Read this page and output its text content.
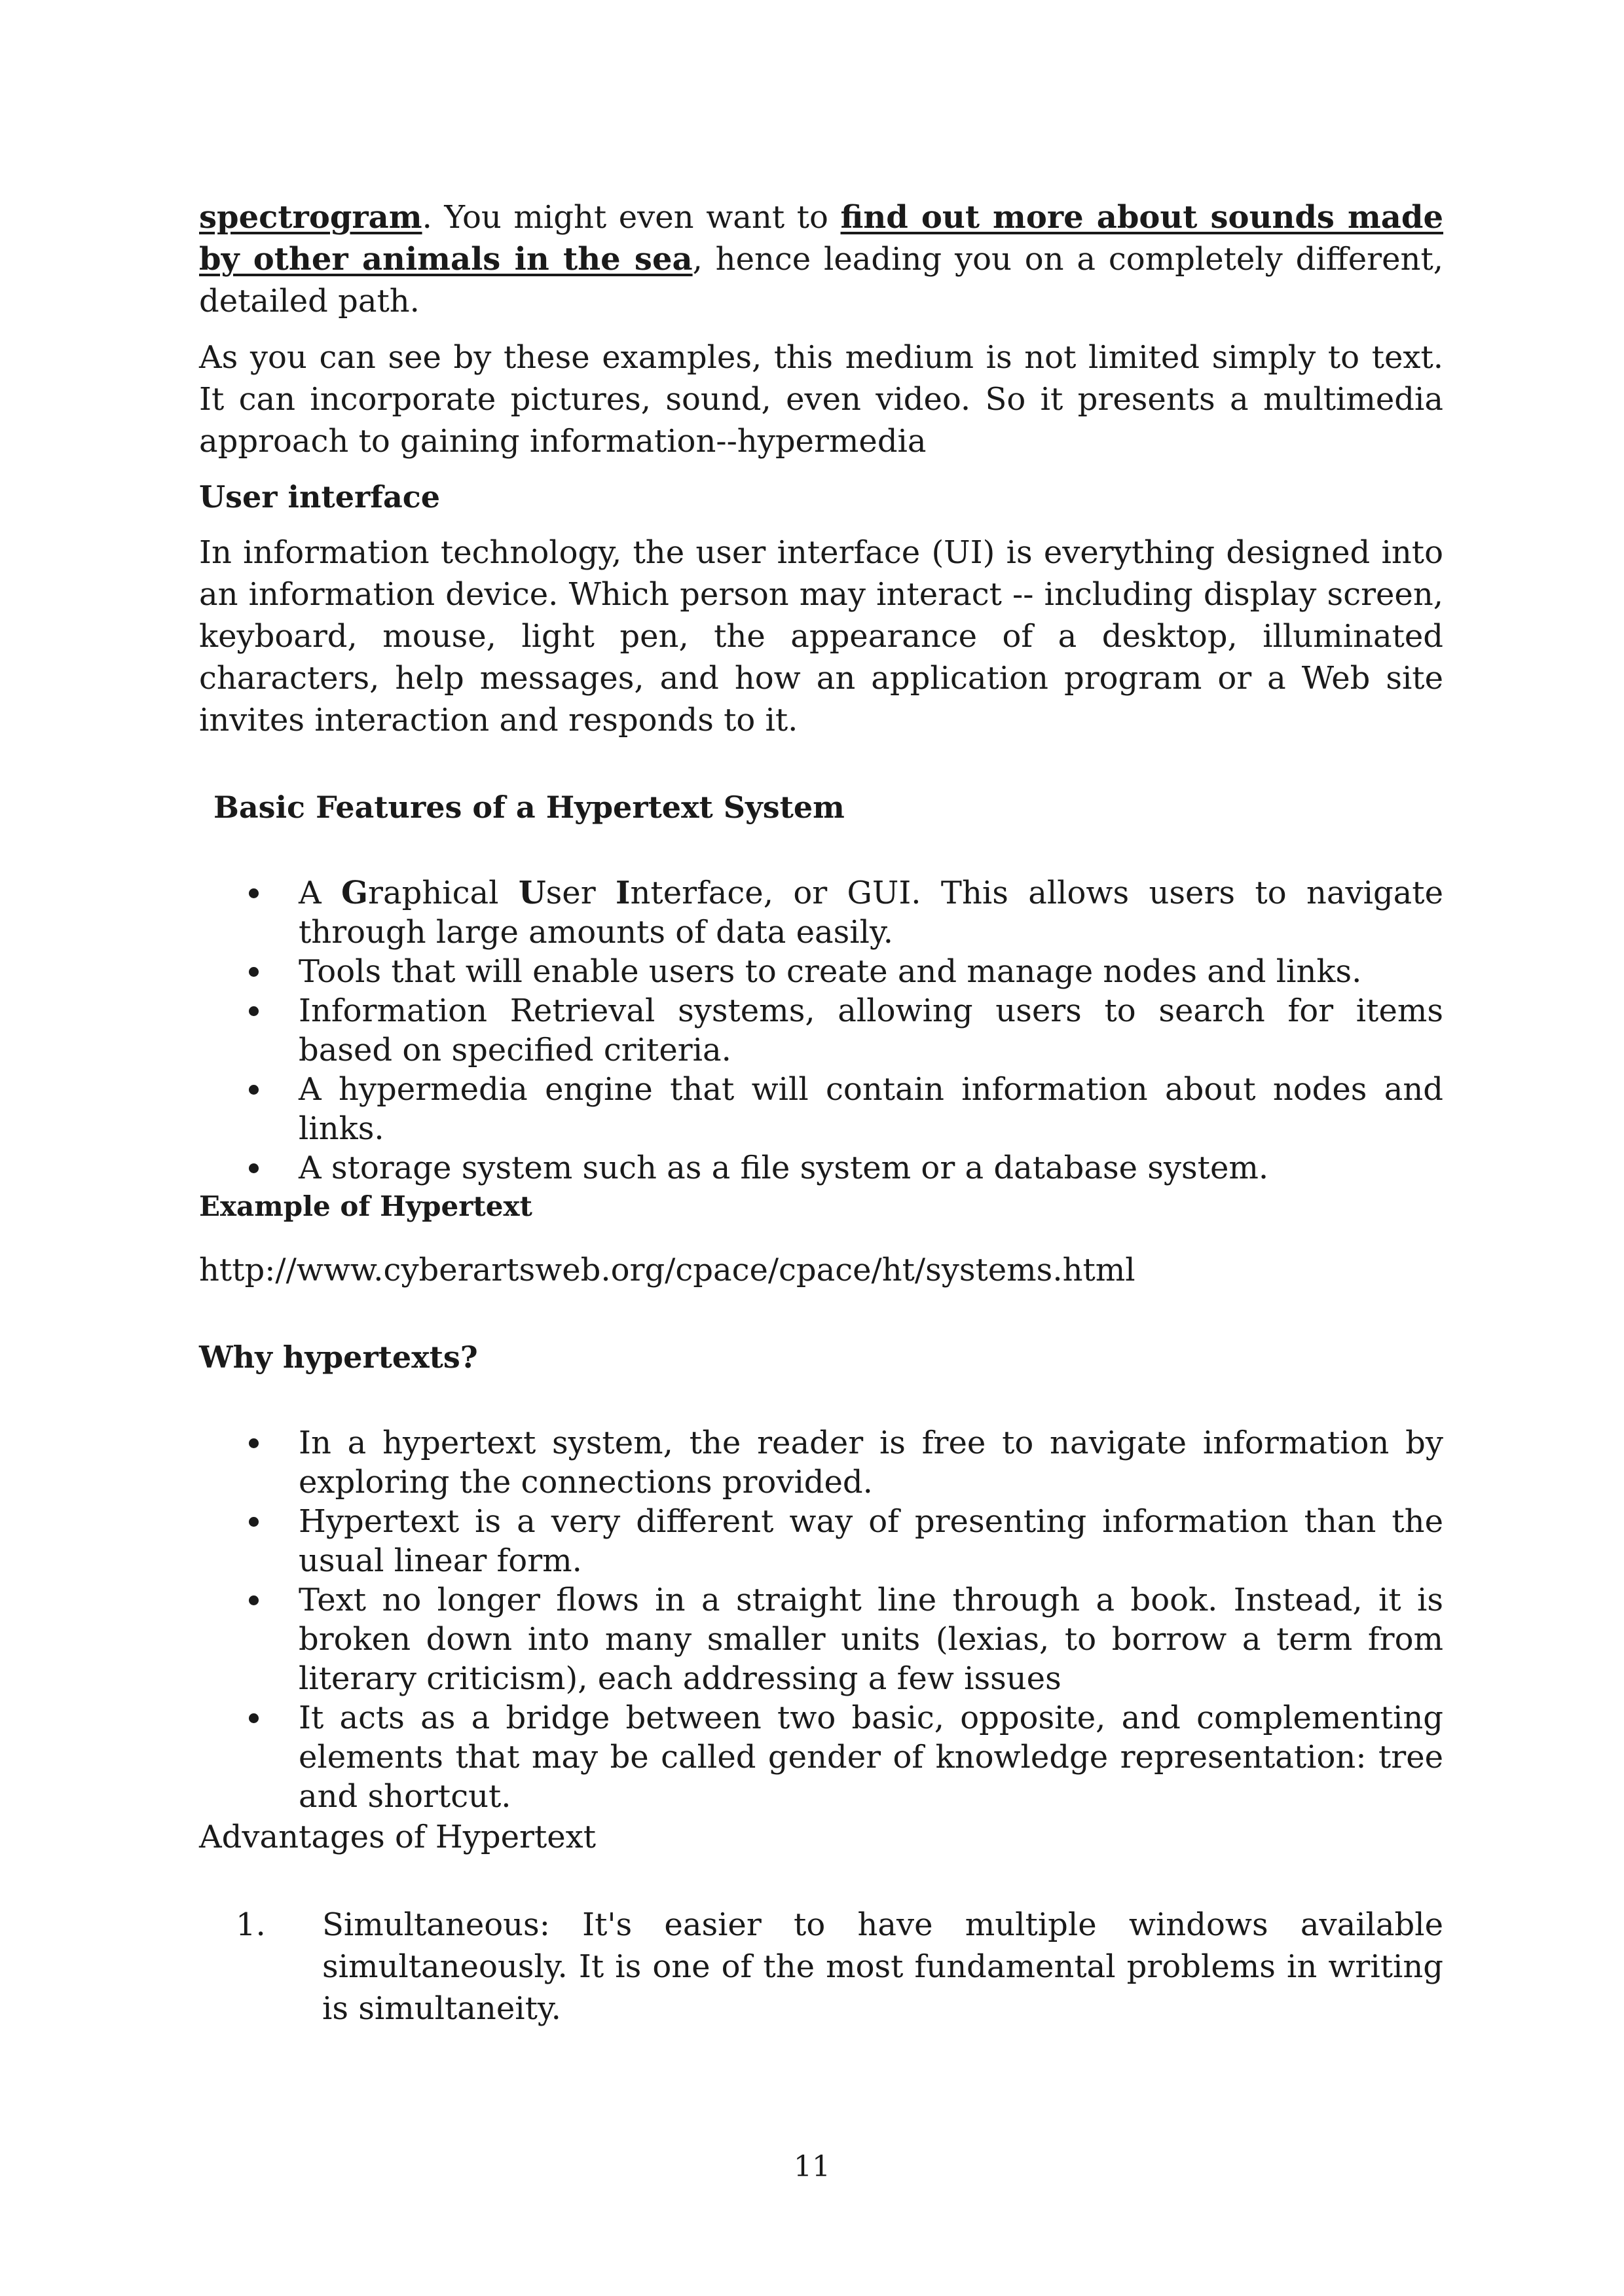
spectrogram. You might even want to find out more about sounds made by other animals in the sea, hence leading you on a completely different, detailed path.

As you can see by these examples, this medium is not limited simply to text. It can incorporate pictures, sound, even video. So it presents a multimedia approach to gaining information--hypermedia

User interface

In information technology, the user interface (UI) is everything designed into an information device. Which person may interact -- including display screen, keyboard, mouse, light pen, the appearance of a desktop, illuminated characters, help messages, and how an application program or a Web site invites interaction and responds to it.

Basic Features of a Hypertext System

A Graphical User Interface, or GUI. This allows users to navigate through large amounts of data easily.
Tools that will enable users to create and manage nodes and links.
Information Retrieval systems, allowing users to search for items based on specified criteria.
A hypermedia engine that will contain information about nodes and links.
A storage system such as a file system or a database system.

Example of Hypertext

http://www.cyberartsweb.org/cpace/cpace/ht/systems.html

Why hypertexts?

In a hypertext system, the reader is free to navigate information by exploring the connections provided.
Hypertext is a very different way of presenting information than the usual linear form.
Text no longer flows in a straight line through a book. Instead, it is broken down into many smaller units (lexias, to borrow a term from literary criticism), each addressing a few issues
It acts as a bridge between two basic, opposite, and complementing elements that may be called gender of knowledge representation: tree and shortcut.

Advantages of Hypertext

1. Simultaneous: It's easier to have multiple windows available simultaneously. It is one of the most fundamental problems in writing is simultaneity.
11
